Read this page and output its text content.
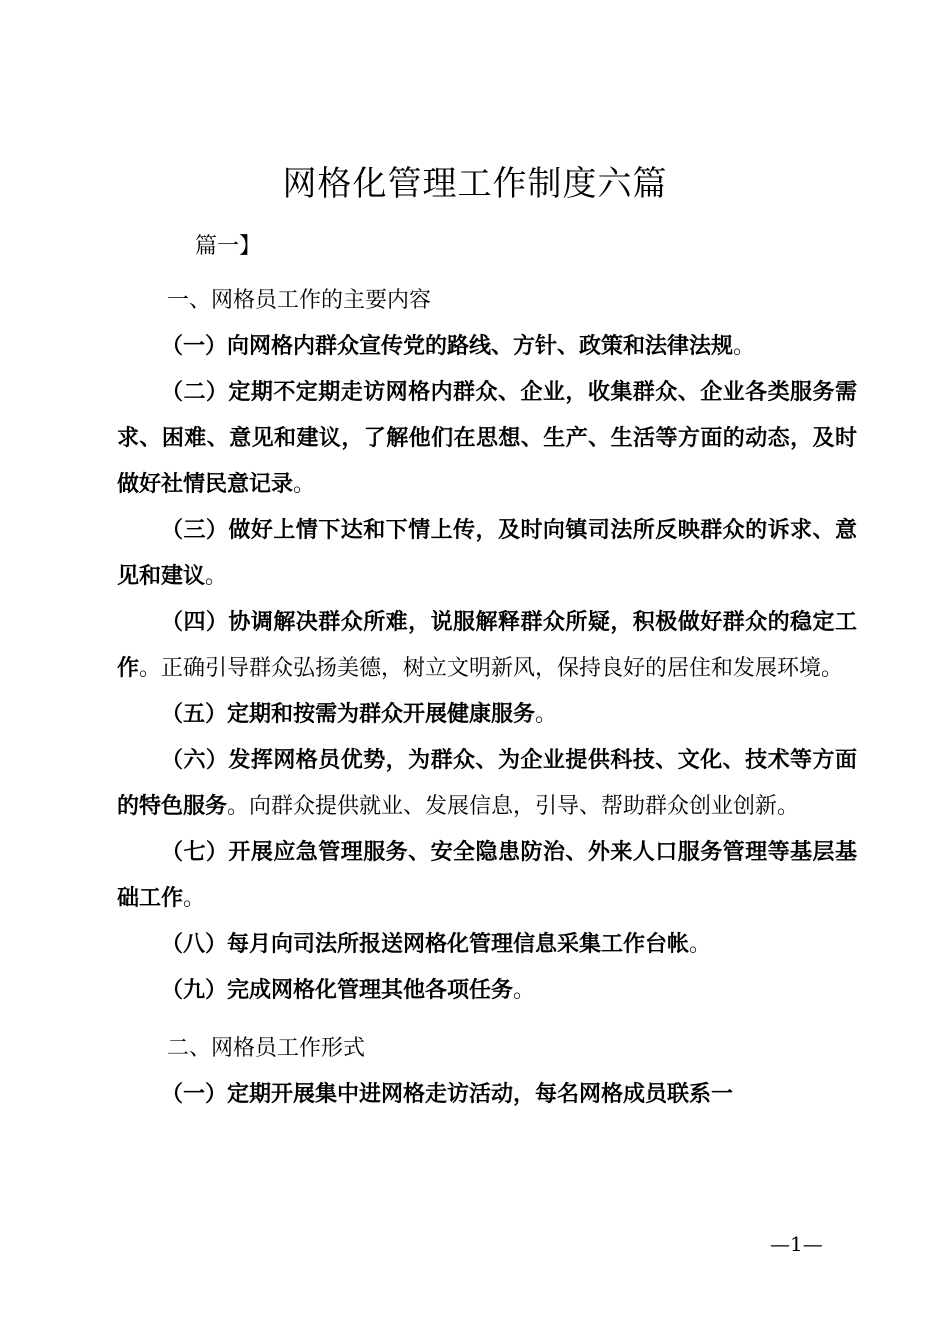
网格化管理工作制度六篇

篇一】

一、网格员工作的主要内容

（一）向网格内群众宣传党的路线、方针、政策和法律法规。

（二）定期不定期走访网格内群众、企业，收集群众、企业各类服务需求、困难、意见和建议，了解他们在思想、生产、生活等方面的动态，及时做好社情民意记录。

（三）做好上情下达和下情上传，及时向镇司法所反映群众的诉求、意见和建议。

（四）协调解决群众所难，说服解释群众所疑，积极做好群众的稳定工作。正确引导群众弘扬美德，树立文明新风，保持良好的居住和发展环境。

（五）定期和按需为群众开展健康服务。

（六）发挥网格员优势，为群众、为企业提供科技、文化、技术等方面的特色服务。向群众提供就业、发展信息，引导、帮助群众创业创新。

（七）开展应急管理服务、安全隐患防治、外来人口服务管理等基层基础工作。

（八）每月向司法所报送网格化管理信息采集工作台帐。

（九）完成网格化管理其他各项任务。

二、网格员工作形式

（一）定期开展集中进网格走访活动，每名网格成员联系一

—1—
